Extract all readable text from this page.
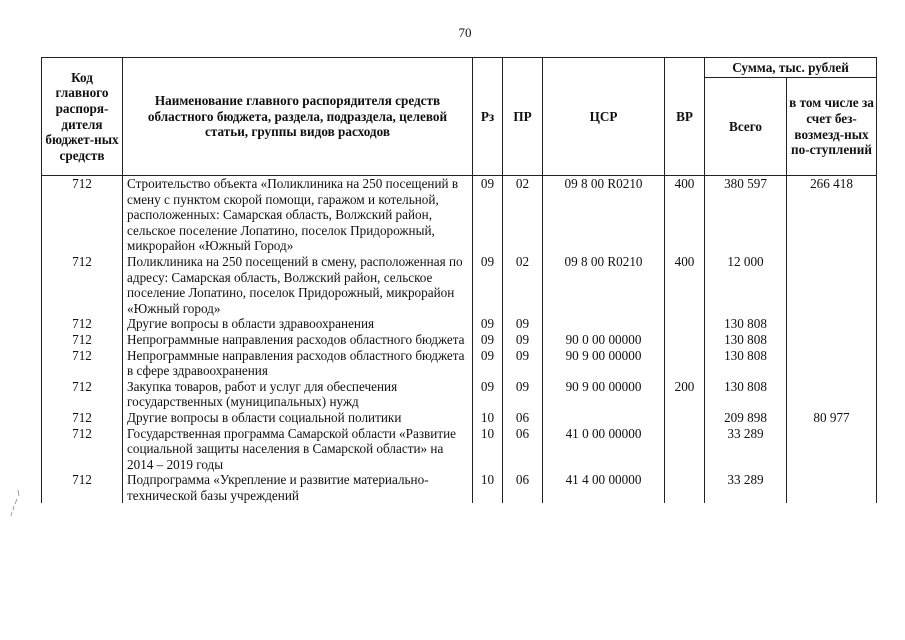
70
Код главного распоря-дителя бюджет-ных средств	Наименование главного распорядителя средств областного бюджета, раздела, подраздела, целевой статьи, группы видов расходов	Рз	ПР	ЦСР	ВР	Сумма, тыс. рублей	
						Всего	в том числе за счет без-возмезд-ных по-ступлений
712	Строительство объекта «Поликлиника на 250 посещений в смену с пунктом скорой помощи, гаражом и котельной, расположенных: Самарская область, Волжский район, сельское поселение Лопатино, поселок Придорожный, микрорайон «Южный Город»	09	02	09 8 00 R0210	400	380 597	266 418
712	Поликлиника на 250 посещений в смену, расположенная по адресу: Самарская область, Волжский район, сельское поселение Лопатино, поселок Придорожный, микрорайон «Южный город»	09	02	09 8 00 R0210	400	12 000	
712	Другие вопросы в области здравоохранения	09	09			130 808	
712	Непрограммные направления расходов областного бюджета	09	09	90 0 00 00000		130 808	
712	Непрограммные направления расходов областного бюджета в сфере здравоохранения	09	09	90 9 00 00000		130 808	
712	Закупка товаров, работ и услуг для обеспечения государственных (муниципальных) нужд	09	09	90 9 00 00000	200	130 808	
712	Другие вопросы в области социальной политики	10	06			209 898	80 977
712	Государственная программа Самарской области «Развитие социальной защиты населения в Самарской области» на 2014 – 2019 годы	10	06	41 0 00 00000		33 289	
712	Подпрограмма «Укрепление и развитие материально-технической базы учреждений	10	06	41 4 00 00000		33 289	
